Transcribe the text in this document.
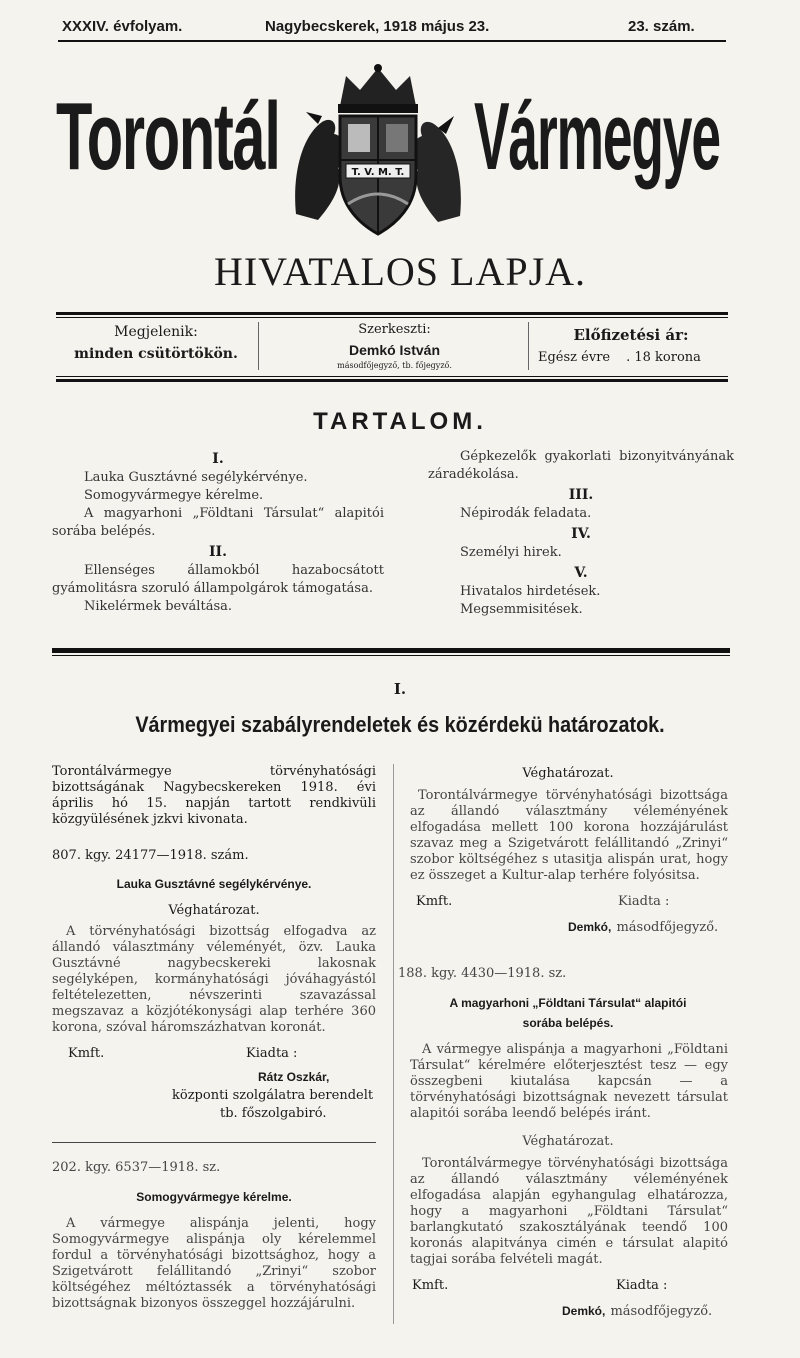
XXXIV. évfolyam.	Nagybecskerek, 1918 május 23.	23. szám.
Torontál Vármegye
T. V. M. T.
HIVATALOS LAPJA.
Megjelenik:
minden csütörtökön.
Szerkeszti:
Demkó István
másodfőjegyző, tb. főjegyző.
Előfizetési ár:
Egész évre . 18 korona
TARTALOM.

I.

Lauka Gusztávné segélykérvénye.

Somogyvármegye kérelme.

A magyarhoni „Földtani Társulat“ alapitói sorába belépés.

II.

Ellenséges államokból hazabocsátott gyámolitásra szoruló állampolgárok támogatása.

Nikelérmek beváltása.

Gépkezelők gyakorlati bizonyitványának záradékolása.

III.

Népirodák feladata.

IV.

Személyi hirek.

V.

Hivatalos hirdetések.

Megsemmisitések.

I.
Vármegyei szabályrendeletek és közérdekü határozatok.
Torontálvármegye törvényhatósági bizottságának Nagybecskereken 1918. évi április hó 15. napján tartott rendkivüli közgyülésének jzkvi kivonata.
807. kgy. 24177—1918. szám.
Lauka Gusztávné segélykérvénye.
Véghatározat.
A törvényhatósági bizottság elfogadva az állandó választmány véleményét, özv. Lauka Gusztávné nagybecskereki lakosnak segélyképen, kormányhatósági jóváhagyástól feltételezetten, névszerinti szavazással megszavaz a közjótékonysági alap terhére 360 korona, szóval háromszázhatvan koronát.
Kmft.	Kiadta :
Rátz Oszkár,
központi szolgálatra berendelt
tb. főszolgabiró.
202. kgy. 6537—1918. sz.
Somogyvármegye kérelme.
A vármegye alispánja jelenti, hogy Somogyvármegye alispánja oly kérelemmel fordul a törvényhatósági bizottsághoz, hogy a Szigetvárott felállitandó „Zrinyi“ szobor költségéhez méltóztassék a törvényhatósági bizottságnak bizonyos összeggel hozzájárulni.
Véghatározat.
Torontálvármegye törvényhatósági bizottsága az állandó választmány véleményének elfogadása mellett 100 korona hozzájárulást szavaz meg a Szigetvárott felállitandó „Zrinyi“ szobor költségéhez s utasitja alispán urat, hogy ez összeget a Kultur-alap terhére folyósitsa.
Kmft.	Kiadta :
Demkó, másodfőjegyző.
188. kgy. 4430—1918. sz.
A magyarhoni „Földtani Társulat“ alapitói
sorába belépés.
A vármegye alispánja a magyarhoni „Földtani Társulat“ kérelmére előterjesztést tesz — egy összegbeni kiutalása kapcsán — a törvényhatósági bizottságnak nevezett társulat alapitói sorába leendő belépés iránt.
Véghatározat.
Torontálvármegye törvényhatósági bizottsága az állandó választmány véleményének elfogadása alapján egyhangulag elhatározza, hogy a magyarhoni „Földtani Társulat“ barlangkutató szakosztályának teendő 100 koronás alapitványa cimén e társulat alapitó tagjai sorába felvételi magát.
Kmft.	Kiadta :
Demkó, másodfőjegyző.
